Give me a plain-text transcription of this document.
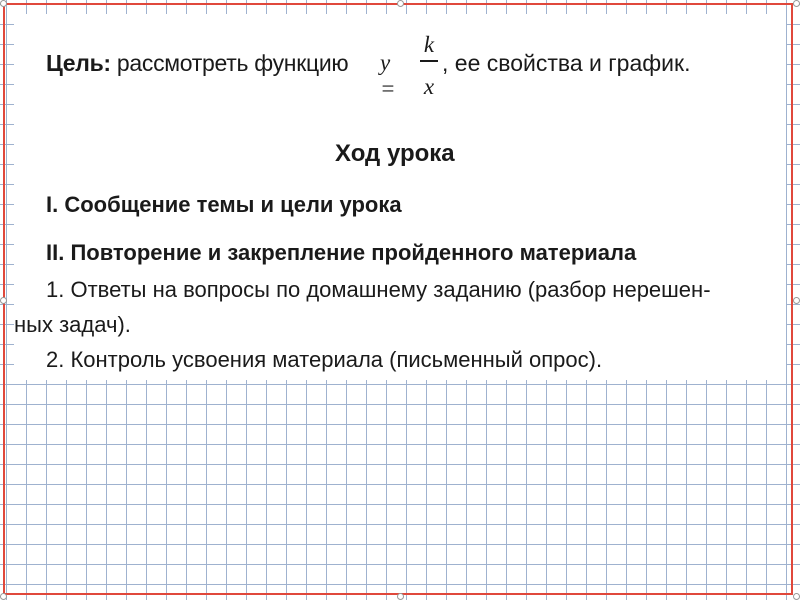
Цель: рассмотреть функцию y =
k
x
, ее свойства и график.
Ход урока
I. Сообщение темы и цели урока
II. Повторение и закрепление пройденного материала
1. Ответы на вопросы по домашнему заданию (разбор нерешен-
ных задач).
2. Контроль усвоения материала (письменный опрос).
